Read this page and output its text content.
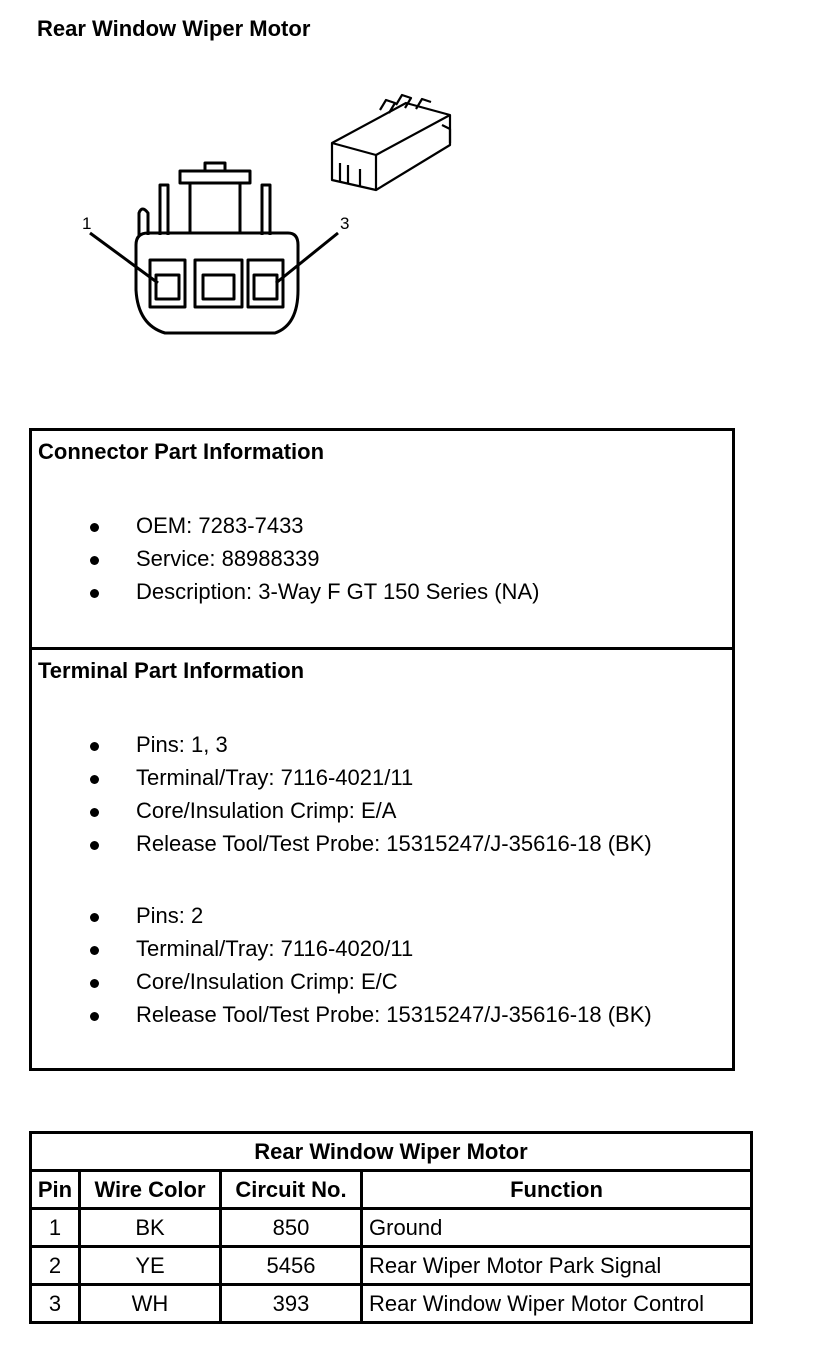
Rear Window Wiper Motor
1	3
Connector Part Information
OEM: 7283-7433
Service: 88988339
Description: 3-Way F GT 150 Series (NA)
Terminal Part Information
Pins: 1, 3
Terminal/Tray: 7116-4021/11
Core/Insulation Crimp: E/A
Release Tool/Test Probe: 15315247/J-35616-18 (BK)
Pins: 2
Terminal/Tray: 7116-4020/11
Core/Insulation Crimp: E/C
Release Tool/Test Probe: 15315247/J-35616-18 (BK)
Rear Window Wiper Motor			
Pin	Wire Color	Circuit No.	Function
1	BK	850	Ground
2	YE	5456	Rear Wiper Motor Park Signal
3	WH	393	Rear Window Wiper Motor Control
